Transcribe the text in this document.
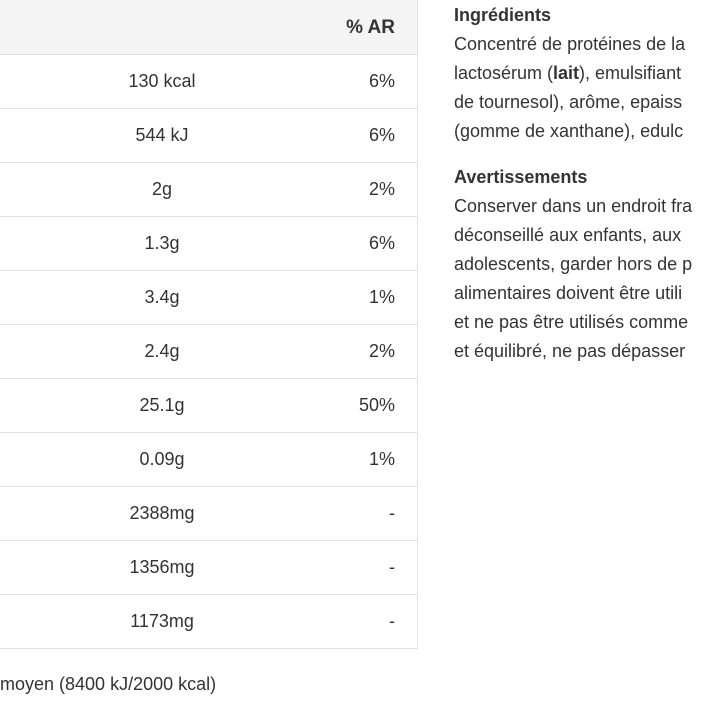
% AR
130 kcal	6%
544 kJ	6%
2g	2%
1.3g	6%
3.4g	1%
2.4g	2%
25.1g	50%
0.09g	1%
2388mg	-
1356mg	-
1173mg	-
moyen (8400 kJ/2000 kcal)
Ingrédients
Concentré de protéines de la
lactosérum (lait), emulsifiant
de tournesol), arôme, epaiss
(gomme de xanthane), edulc
Avertissements
Conserver dans un endroit fra
déconseillé aux enfants, aux
adolescents, garder hors de p
alimentaires doivent être utili
et ne pas être utilisés comme
et équilibré, ne pas dépasser
